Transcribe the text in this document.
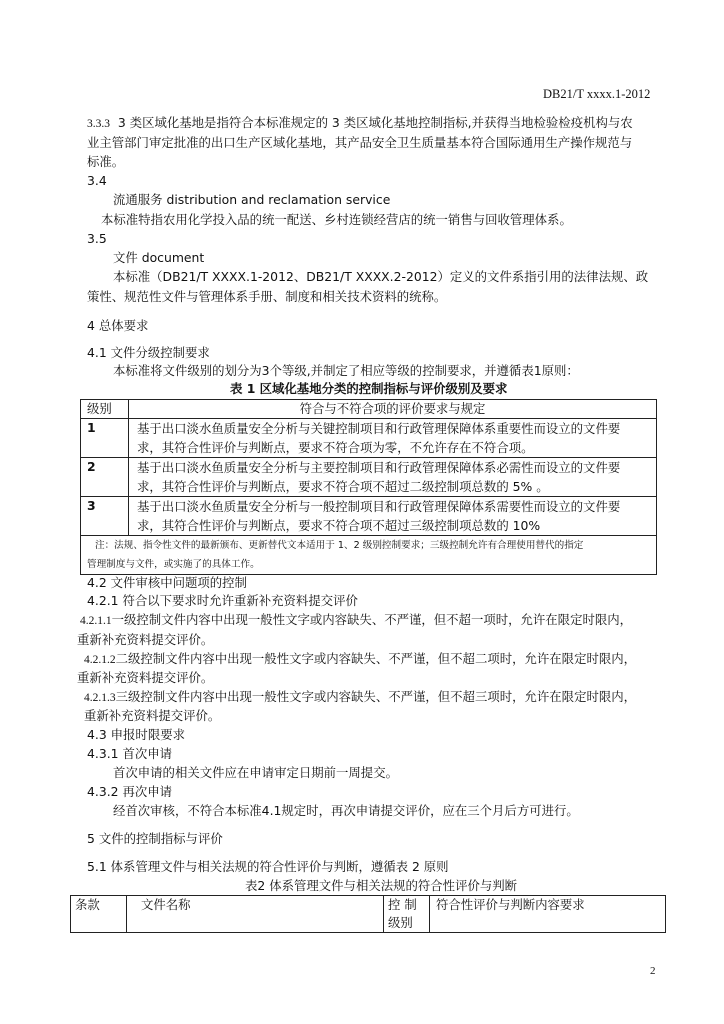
DB21/T xxxx.1-2012
3.3.3 3 类区域化基地是指符合本标准规定的 3 类区域化基地控制指标,并获得当地检验检疫机构与农
业主管部门审定批准的出口生产区域化基地，其产品安全卫生质量基本符合国际通用生产操作规范与
标准。
3.4
流通服务 distribution and reclamation service
本标准特指农用化学投入品的统一配送、乡村连锁经营店的统一销售与回收管理体系。
3.5
文件 document
本标准（DB21/T XXXX.1-2012、DB21/T XXXX.2-2012）定义的文件系指引用的法律法规、政
策性、规范性文件与管理体系手册、制度和相关技术资料的统称。
4 总体要求
4.1 文件分级控制要求
本标准将文件级别的划分为3个等级,并制定了相应等级的控制要求，并遵循表1原则：
表 1 区域化基地分类的控制指标与评价级别及要求
级别	符合与不符合项的评价要求与规定
1	基于出口淡水鱼质量安全分析与关键控制项目和行政管理保障体系重要性而设立的文件要
求，其符合性评价与判断点，要求不符合项为零，不允许存在不符合项。

2	基于出口淡水鱼质量安全分析与主要控制项目和行政管理保障体系必需性而设立的文件要
求，其符合性评价与判断点，要求不符合项不超过二级控制项总数的 5% 。

3	基于出口淡水鱼质量安全分析与一般控制项目和行政管理保障体系需要性而设立的文件要
求，其符合性评价与判断点，要求不符合项不超过三级控制项总数的 10%

注：法规、指令性文件的最新颁布、更新替代文本适用于 1、2 级别控制要求；三级控制允许有合理使用替代的指定
管理制度与文件，或实施了的具体工作。	
4.2 文件审核中问题项的控制
4.2.1 符合以下要求时允许重新补充资料提交评价
4.2.1.1一级控制文件内容中出现一般性文字或内容缺失、不严谨，但不超一项时，允许在限定时限内，
重新补充资料提交评价。
4.2.1.2二级控制文件内容中出现一般性文字或内容缺失、不严谨，但不超二项时，允许在限定时限内，
重新补充资料提交评价。
4.2.1.3三级控制文件内容中出现一般性文字或内容缺失、不严谨，但不超三项时，允许在限定时限内，
重新补充资料提交评价。
4.3 申报时限要求
4.3.1 首次申请
首次申请的相关文件应在申请审定日期前一周提交。
4.3.2 再次申请
经首次审核，不符合本标准4.1规定时，再次申请提交评价，应在三个月后方可进行。
5 文件的控制指标与评价
5.1 体系管理文件与相关法规的符合性评价与判断，遵循表 2 原则
表2 体系管理文件与相关法规的符合性评价与判断
条款	文件名称	控 制
级别
	符合性评价与判断内容要求
2
